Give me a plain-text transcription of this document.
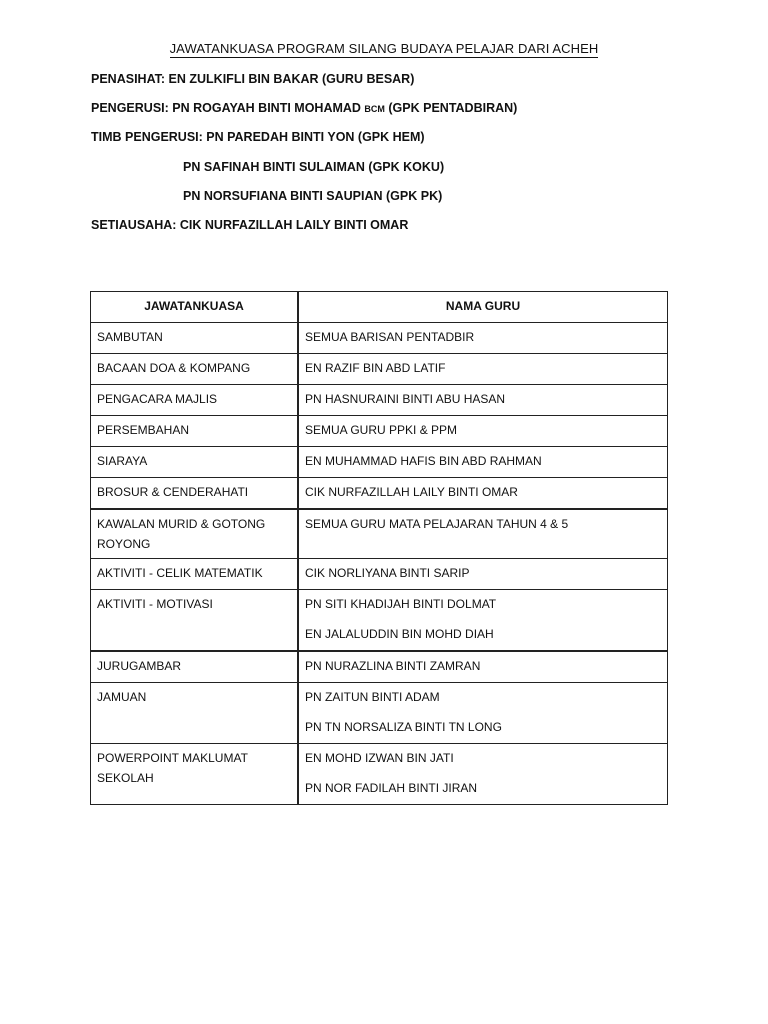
JAWATANKUASA PROGRAM SILANG BUDAYA PELAJAR DARI ACHEH
PENASIHAT: EN ZULKIFLI BIN BAKAR (GURU BESAR)
PENGERUSI: PN ROGAYAH BINTI MOHAMAD BCM (GPK PENTADBIRAN)
TIMB PENGERUSI: PN PAREDAH BINTI YON (GPK HEM)
PN SAFINAH BINTI SULAIMAN (GPK KOKU)
PN NORSUFIANA BINTI SAUPIAN (GPK PK)
SETIAUSAHA: CIK NURFAZILLAH LAILY BINTI OMAR
JAWATANKUASA	NAMA GURU
SAMBUTAN	SEMUA BARISAN PENTADBIR

BACAAN DOA & KOMPANG	EN RAZIF BIN ABD LATIF

PENGACARA MAJLIS	PN HASNURAINI BINTI ABU HASAN

PERSEMBAHAN	SEMUA GURU PPKI & PPM

SIARAYA	EN MUHAMMAD HAFIS BIN ABD RAHMAN

BROSUR & CENDERAHATI	CIK NURFAZILLAH LAILY BINTI OMAR

KAWALAN MURID & GOTONG ROYONG	SEMUA GURU MATA PELAJARAN TAHUN 4 & 5

AKTIVITI - CELIK MATEMATIK	CIK NORLIYANA BINTI SARIP

AKTIVITI - MOTIVASI	PN SITI KHADIJAH BINTI DOLMAT
EN JALALUDDIN BIN MOHD DIAH

JURUGAMBAR	PN NURAZLINA BINTI ZAMRAN

JAMUAN	PN ZAITUN BINTI ADAM
PN TN NORSALIZA BINTI TN LONG

POWERPOINT MAKLUMAT SEKOLAH	EN MOHD IZWAN BIN JATI
PN NOR FADILAH BINTI JIRAN
